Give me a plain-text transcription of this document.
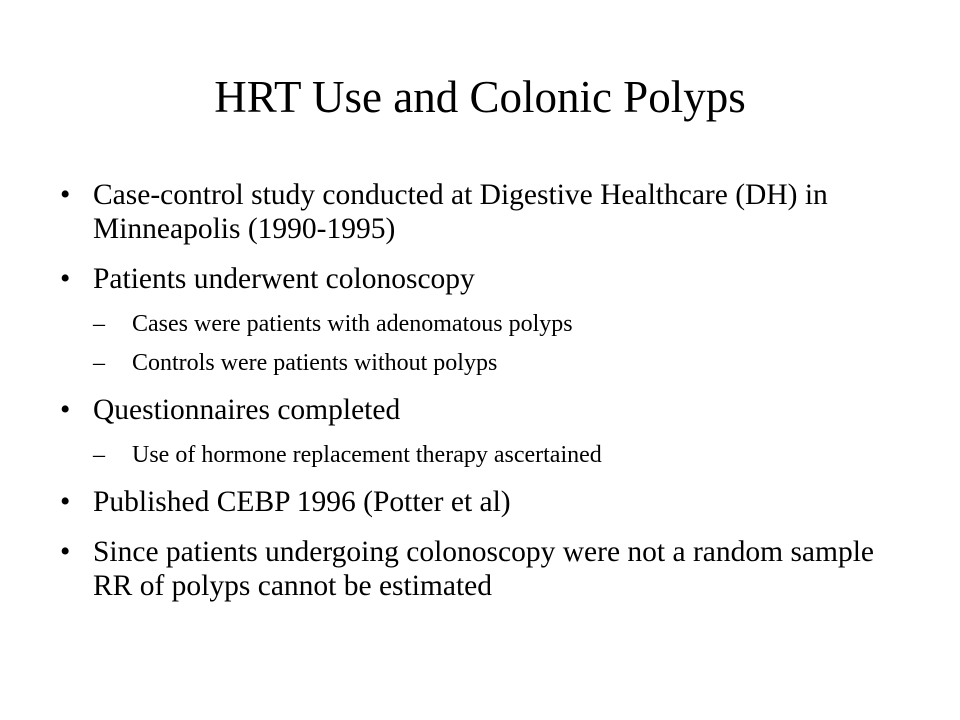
HRT Use and Colonic Polyps
• Case-control study conducted at Digestive Healthcare (DH) in Minneapolis (1990-1995)
• Patients underwent colonoscopy
– Cases were patients with adenomatous polyps
– Controls were patients without polyps
• Questionnaires completed
– Use of hormone replacement therapy ascertained
• Published CEBP 1996 (Potter et al)
• Since patients undergoing colonoscopy were not a random sample RR of polyps cannot be estimated
